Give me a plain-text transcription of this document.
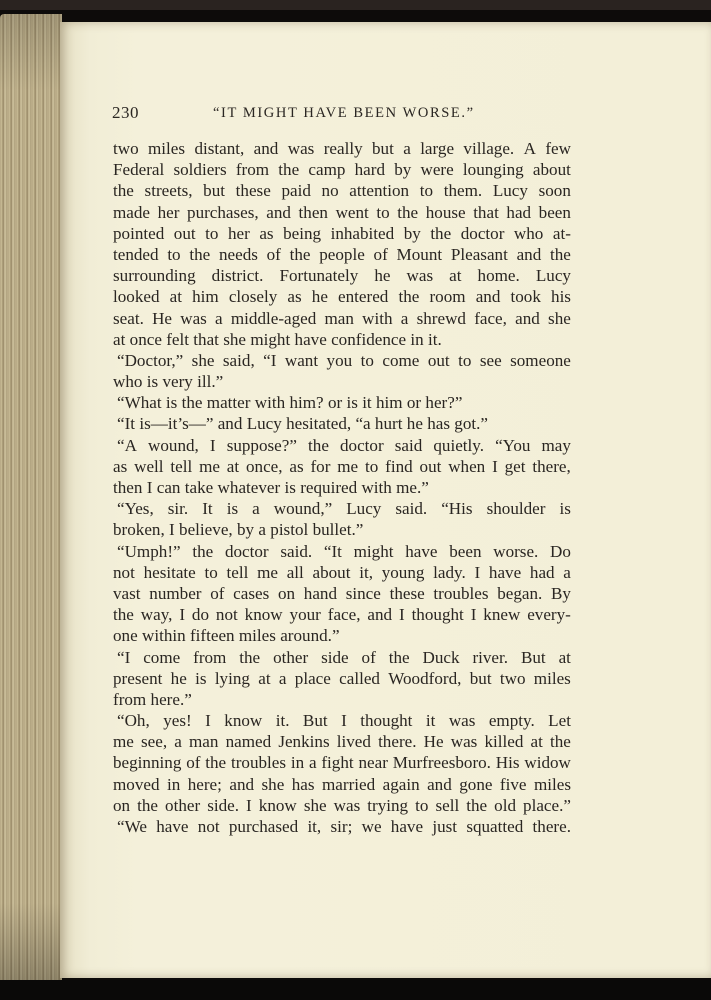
230	“IT MIGHT HAVE BEEN WORSE.”
two miles distant, and was really but a large village. A few
Federal soldiers from the camp hard by were lounging about
the streets, but these paid no attention to them. Lucy soon
made her purchases, and then went to the house that had been
pointed out to her as being inhabited by the doctor who at-
tended to the needs of the people of Mount Pleasant and the
surrounding district. Fortunately he was at home. Lucy
looked at him closely as he entered the room and took his
seat. He was a middle-aged man with a shrewd face, and she
at once felt that she might have confidence in it.
“Doctor,” she said, “I want you to come out to see someone
who is very ill.”
“What is the matter with him? or is it him or her?”
“It is—it’s—” and Lucy hesitated, “a hurt he has got.”
“A wound, I suppose?” the doctor said quietly. “You may
as well tell me at once, as for me to find out when I get there,
then I can take whatever is required with me.”
“Yes, sir. It is a wound,” Lucy said. “His shoulder is
broken, I believe, by a pistol bullet.”
“Umph!” the doctor said. “It might have been worse. Do
not hesitate to tell me all about it, young lady. I have had a
vast number of cases on hand since these troubles began. By
the way, I do not know your face, and I thought I knew every-
one within fifteen miles around.”
“I come from the other side of the Duck river. But at
present he is lying at a place called Woodford, but two miles
from here.”
“Oh, yes! I know it. But I thought it was empty. Let
me see, a man named Jenkins lived there. He was killed at the
beginning of the troubles in a fight near Murfreesboro. His widow
moved in here; and she has married again and gone five miles
on the other side. I know she was trying to sell the old place.”
“We have not purchased it, sir; we have just squatted there.
